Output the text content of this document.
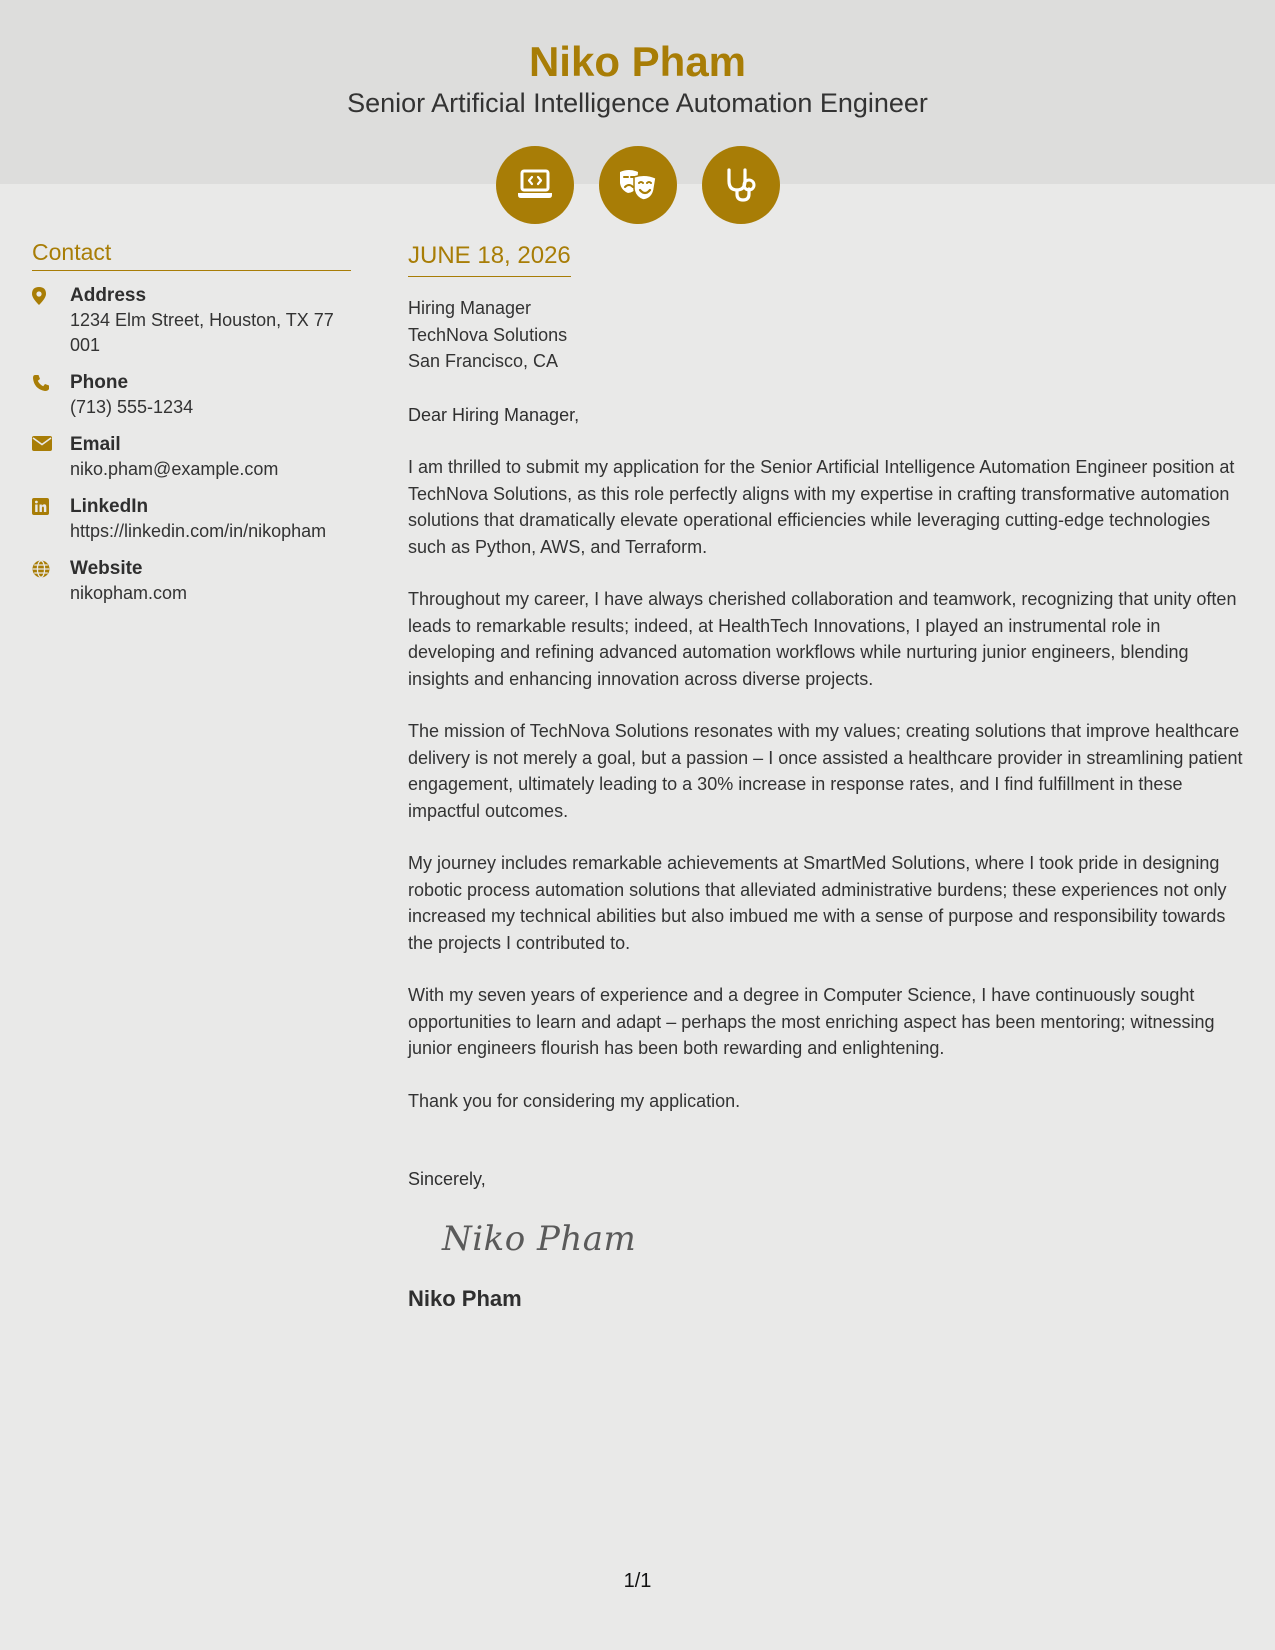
Niko Pham
Senior Artificial Intelligence Automation Engineer
Contact
Address
1234 Elm Street, Houston, TX 77001
Phone
(713) 555-1234
Email
niko.pham@example.com
LinkedIn
https://linkedin.com/in/nikopham
Website
nikopham.com
JUNE 18, 2026
Hiring Manager
TechNova Solutions
San Francisco, CA
Dear Hiring Manager,
I am thrilled to submit my application for the Senior Artificial Intelligence Automation Engineer position at TechNova Solutions, as this role perfectly aligns with my expertise in crafting transformative automation solutions that dramatically elevate operational efficiencies while leveraging cutting-edge technologies such as Python, AWS, and Terraform.
Throughout my career, I have always cherished collaboration and teamwork, recognizing that unity often leads to remarkable results; indeed, at HealthTech Innovations, I played an instrumental role in developing and refining advanced automation workflows while nurturing junior engineers, blending insights and enhancing innovation across diverse projects.
The mission of TechNova Solutions resonates with my values; creating solutions that improve healthcare delivery is not merely a goal, but a passion – I once assisted a healthcare provider in streamlining patient engagement, ultimately leading to a 30% increase in response rates, and I find fulfillment in these impactful outcomes.
My journey includes remarkable achievements at SmartMed Solutions, where I took pride in designing robotic process automation solutions that alleviated administrative burdens; these experiences not only increased my technical abilities but also imbued me with a sense of purpose and responsibility towards the projects I contributed to.
With my seven years of experience and a degree in Computer Science, I have continuously sought opportunities to learn and adapt – perhaps the most enriching aspect has been mentoring; witnessing junior engineers flourish has been both rewarding and enlightening.
Thank you for considering my application.
Sincerely,
Niko Pham
Niko Pham
1/1
